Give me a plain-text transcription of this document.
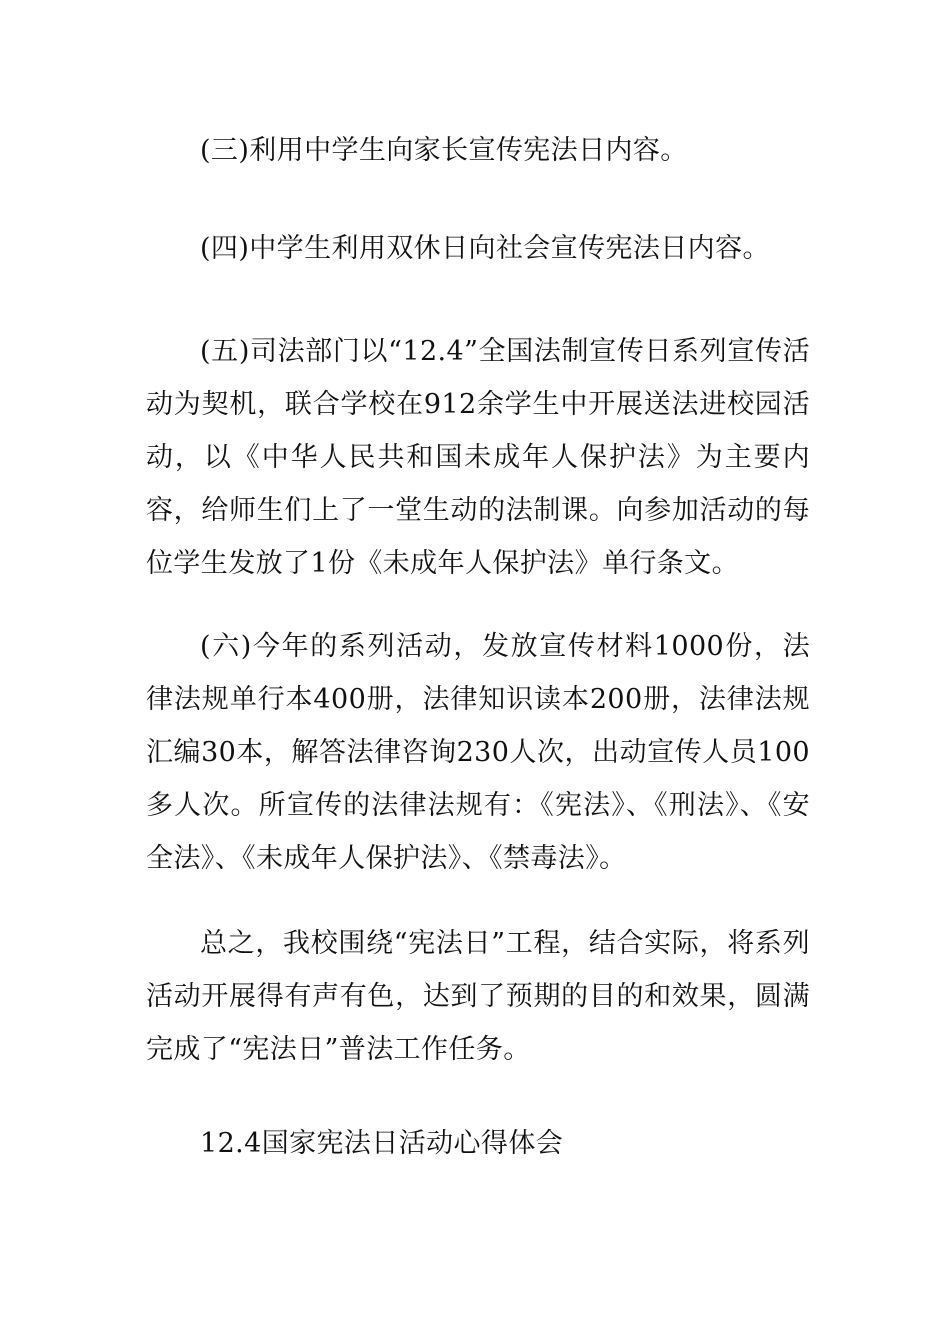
(三)利用中学生向家长宣传宪法日内容。

(四)中学生利用双休日向社会宣传宪法日内容。

(五)司法部门以“12.4”全国法制宣传日系列宣传活动为契机，联合学校在912余学生中开展送法进校园活动，以《中华人民共和国未成年人保护法》为主要内容，给师生们上了一堂生动的法制课。向参加活动的每位学生发放了1份《未成年人保护法》单行条文。

(六)今年的系列活动，发放宣传材料1000份，法律法规单行本400册，法律知识读本200册，法律法规汇编30本，解答法律咨询230人次，出动宣传人员100多人次。所宣传的法律法规有：《宪法》、《刑法》、《安全法》、《未成年人保护法》、《禁毒法》。

总之，我校围绕“宪法日”工程，结合实际，将系列活动开展得有声有色，达到了预期的目的和效果，圆满完成了“宪法日”普法工作任务。

12.4国家宪法日活动心得体会
